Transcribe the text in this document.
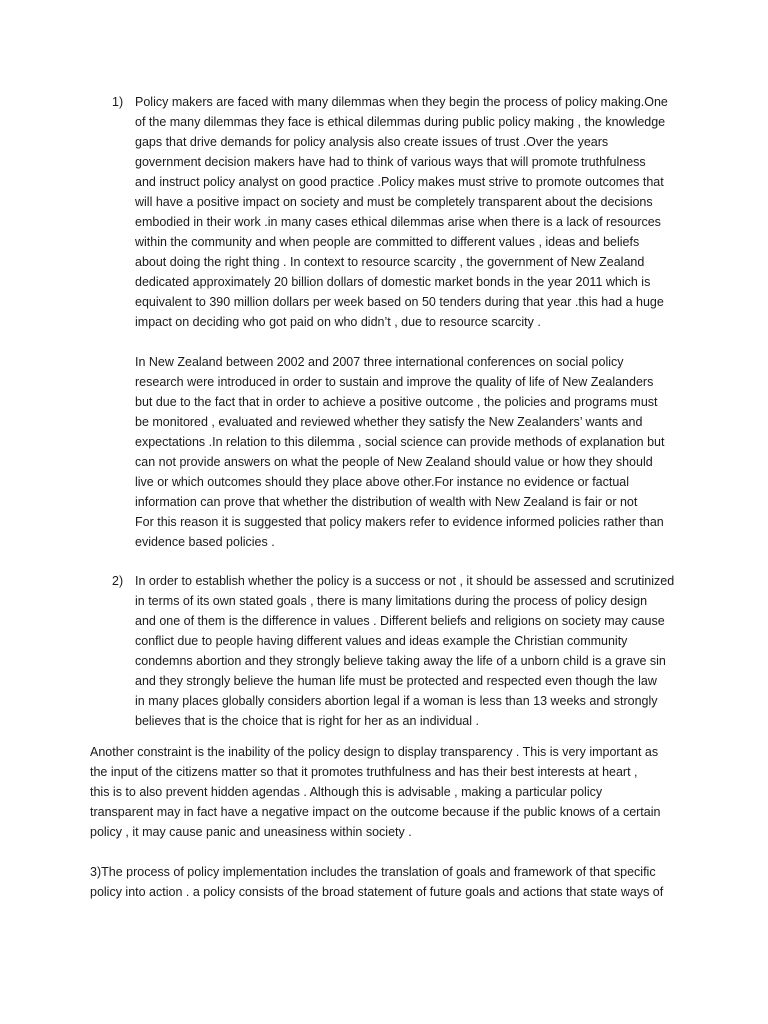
1) Policy makers are faced with many dilemmas when they begin the process of policy making.One
of the many dilemmas they face is ethical dilemmas during public policy making , the knowledge
gaps that drive demands for policy analysis also create issues of trust .Over the years
government decision makers have had to think of various ways that will promote truthfulness
and instruct policy analyst on good practice .Policy makes must strive to promote outcomes that
will have a positive impact on society and must be completely transparent about the decisions
embodied in their work .in many cases ethical dilemmas arise when there is a lack of resources
within the community and when people are committed to different values , ideas and beliefs
about doing the right thing . In context to resource scarcity , the government of New Zealand
dedicated approximately 20 billion dollars of domestic market bonds in the year 2011 which is
equivalent to 390 million dollars per week based on 50 tenders during that year .this had a huge
impact on deciding who got paid on who didn’t , due to resource scarcity .
In New Zealand between 2002 and 2007 three international conferences on social policy
research were introduced in order to sustain and improve the quality of life of New Zealanders
but due to the fact that in order to achieve a positive outcome , the policies and programs must
be monitored , evaluated and reviewed whether they satisfy the New Zealanders’ wants and
expectations .In relation to this dilemma , social science can provide methods of explanation but
can not provide answers on what the people of New Zealand should value or how they should
live or which outcomes should they place above other.For instance no evidence or factual
information can prove that whether the distribution of wealth with New Zealand is fair or not
For this reason it is suggested that policy makers refer to evidence informed policies rather than
evidence based policies .
2) In order to establish whether the policy is a success or not , it should be assessed and scrutinized
in terms of its own stated goals , there is many limitations during the process of policy design
and one of them is the difference in values . Different beliefs and religions on society may cause
conflict due to people having different values and ideas example the Christian community
condemns abortion and they strongly believe taking away the life of a unborn child is a grave sin
and they strongly believe the human life must be protected and respected even though the law
in many places globally considers abortion legal if a woman is less than 13 weeks and strongly
believes that is the choice that is right for her as an individual .
Another constraint is the inability of the policy design to display transparency . This is very important as
the input of the citizens matter so that it promotes truthfulness and has their best interests at heart ,
this is to also prevent hidden agendas . Although this is advisable , making a particular policy
transparent may in fact have a negative impact on the outcome because if the public knows of a certain
policy , it may cause panic and uneasiness within society .
3)The process of policy implementation includes the translation of goals and framework of that specific
policy into action . a policy consists of the broad statement of future goals and actions that state ways of
